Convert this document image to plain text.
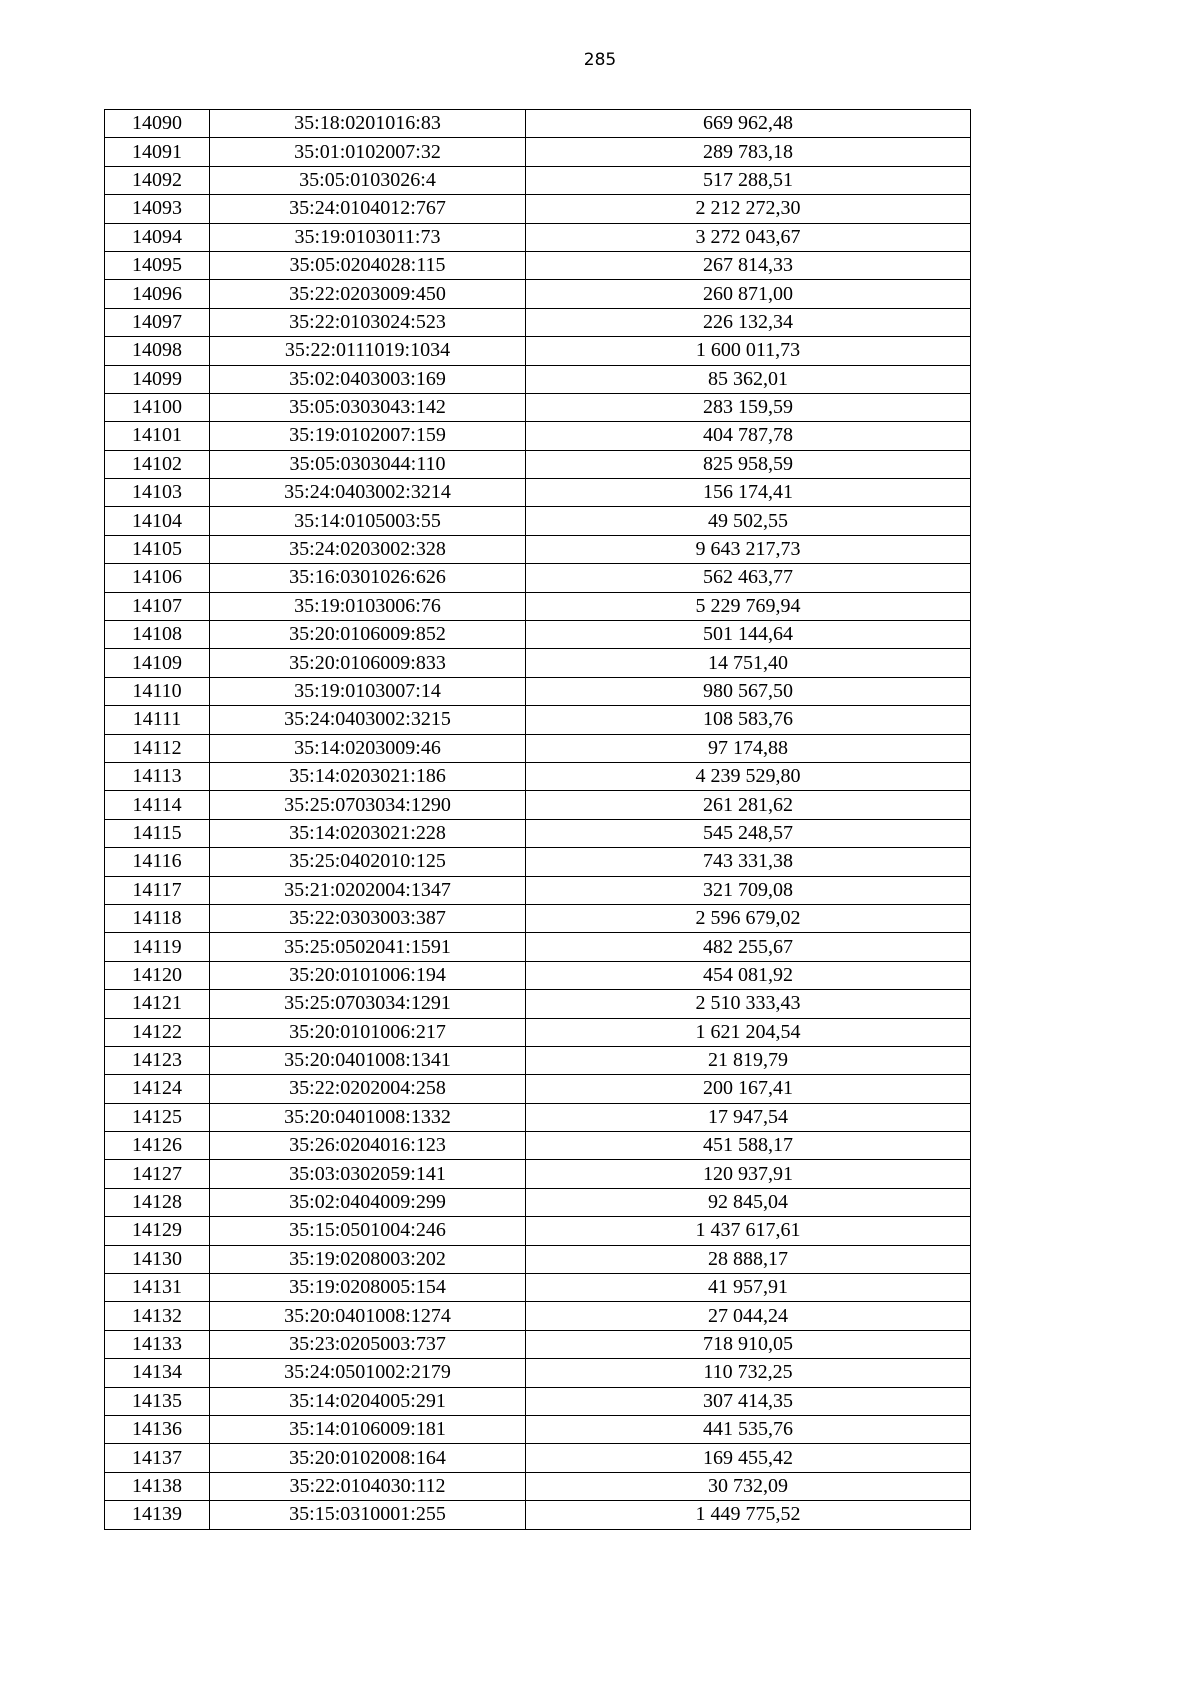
285
14090	35:18:0201016:83	669 962,48
14091	35:01:0102007:32	289 783,18
14092	35:05:0103026:4	517 288,51
14093	35:24:0104012:767	2 212 272,30
14094	35:19:0103011:73	3 272 043,67
14095	35:05:0204028:115	267 814,33
14096	35:22:0203009:450	260 871,00
14097	35:22:0103024:523	226 132,34
14098	35:22:0111019:1034	1 600 011,73
14099	35:02:0403003:169	85 362,01
14100	35:05:0303043:142	283 159,59
14101	35:19:0102007:159	404 787,78
14102	35:05:0303044:110	825 958,59
14103	35:24:0403002:3214	156 174,41
14104	35:14:0105003:55	49 502,55
14105	35:24:0203002:328	9 643 217,73
14106	35:16:0301026:626	562 463,77
14107	35:19:0103006:76	5 229 769,94
14108	35:20:0106009:852	501 144,64
14109	35:20:0106009:833	14 751,40
14110	35:19:0103007:14	980 567,50
14111	35:24:0403002:3215	108 583,76
14112	35:14:0203009:46	97 174,88
14113	35:14:0203021:186	4 239 529,80
14114	35:25:0703034:1290	261 281,62
14115	35:14:0203021:228	545 248,57
14116	35:25:0402010:125	743 331,38
14117	35:21:0202004:1347	321 709,08
14118	35:22:0303003:387	2 596 679,02
14119	35:25:0502041:1591	482 255,67
14120	35:20:0101006:194	454 081,92
14121	35:25:0703034:1291	2 510 333,43
14122	35:20:0101006:217	1 621 204,54
14123	35:20:0401008:1341	21 819,79
14124	35:22:0202004:258	200 167,41
14125	35:20:0401008:1332	17 947,54
14126	35:26:0204016:123	451 588,17
14127	35:03:0302059:141	120 937,91
14128	35:02:0404009:299	92 845,04
14129	35:15:0501004:246	1 437 617,61
14130	35:19:0208003:202	28 888,17
14131	35:19:0208005:154	41 957,91
14132	35:20:0401008:1274	27 044,24
14133	35:23:0205003:737	718 910,05
14134	35:24:0501002:2179	110 732,25
14135	35:14:0204005:291	307 414,35
14136	35:14:0106009:181	441 535,76
14137	35:20:0102008:164	169 455,42
14138	35:22:0104030:112	30 732,09
14139	35:15:0310001:255	1 449 775,52
